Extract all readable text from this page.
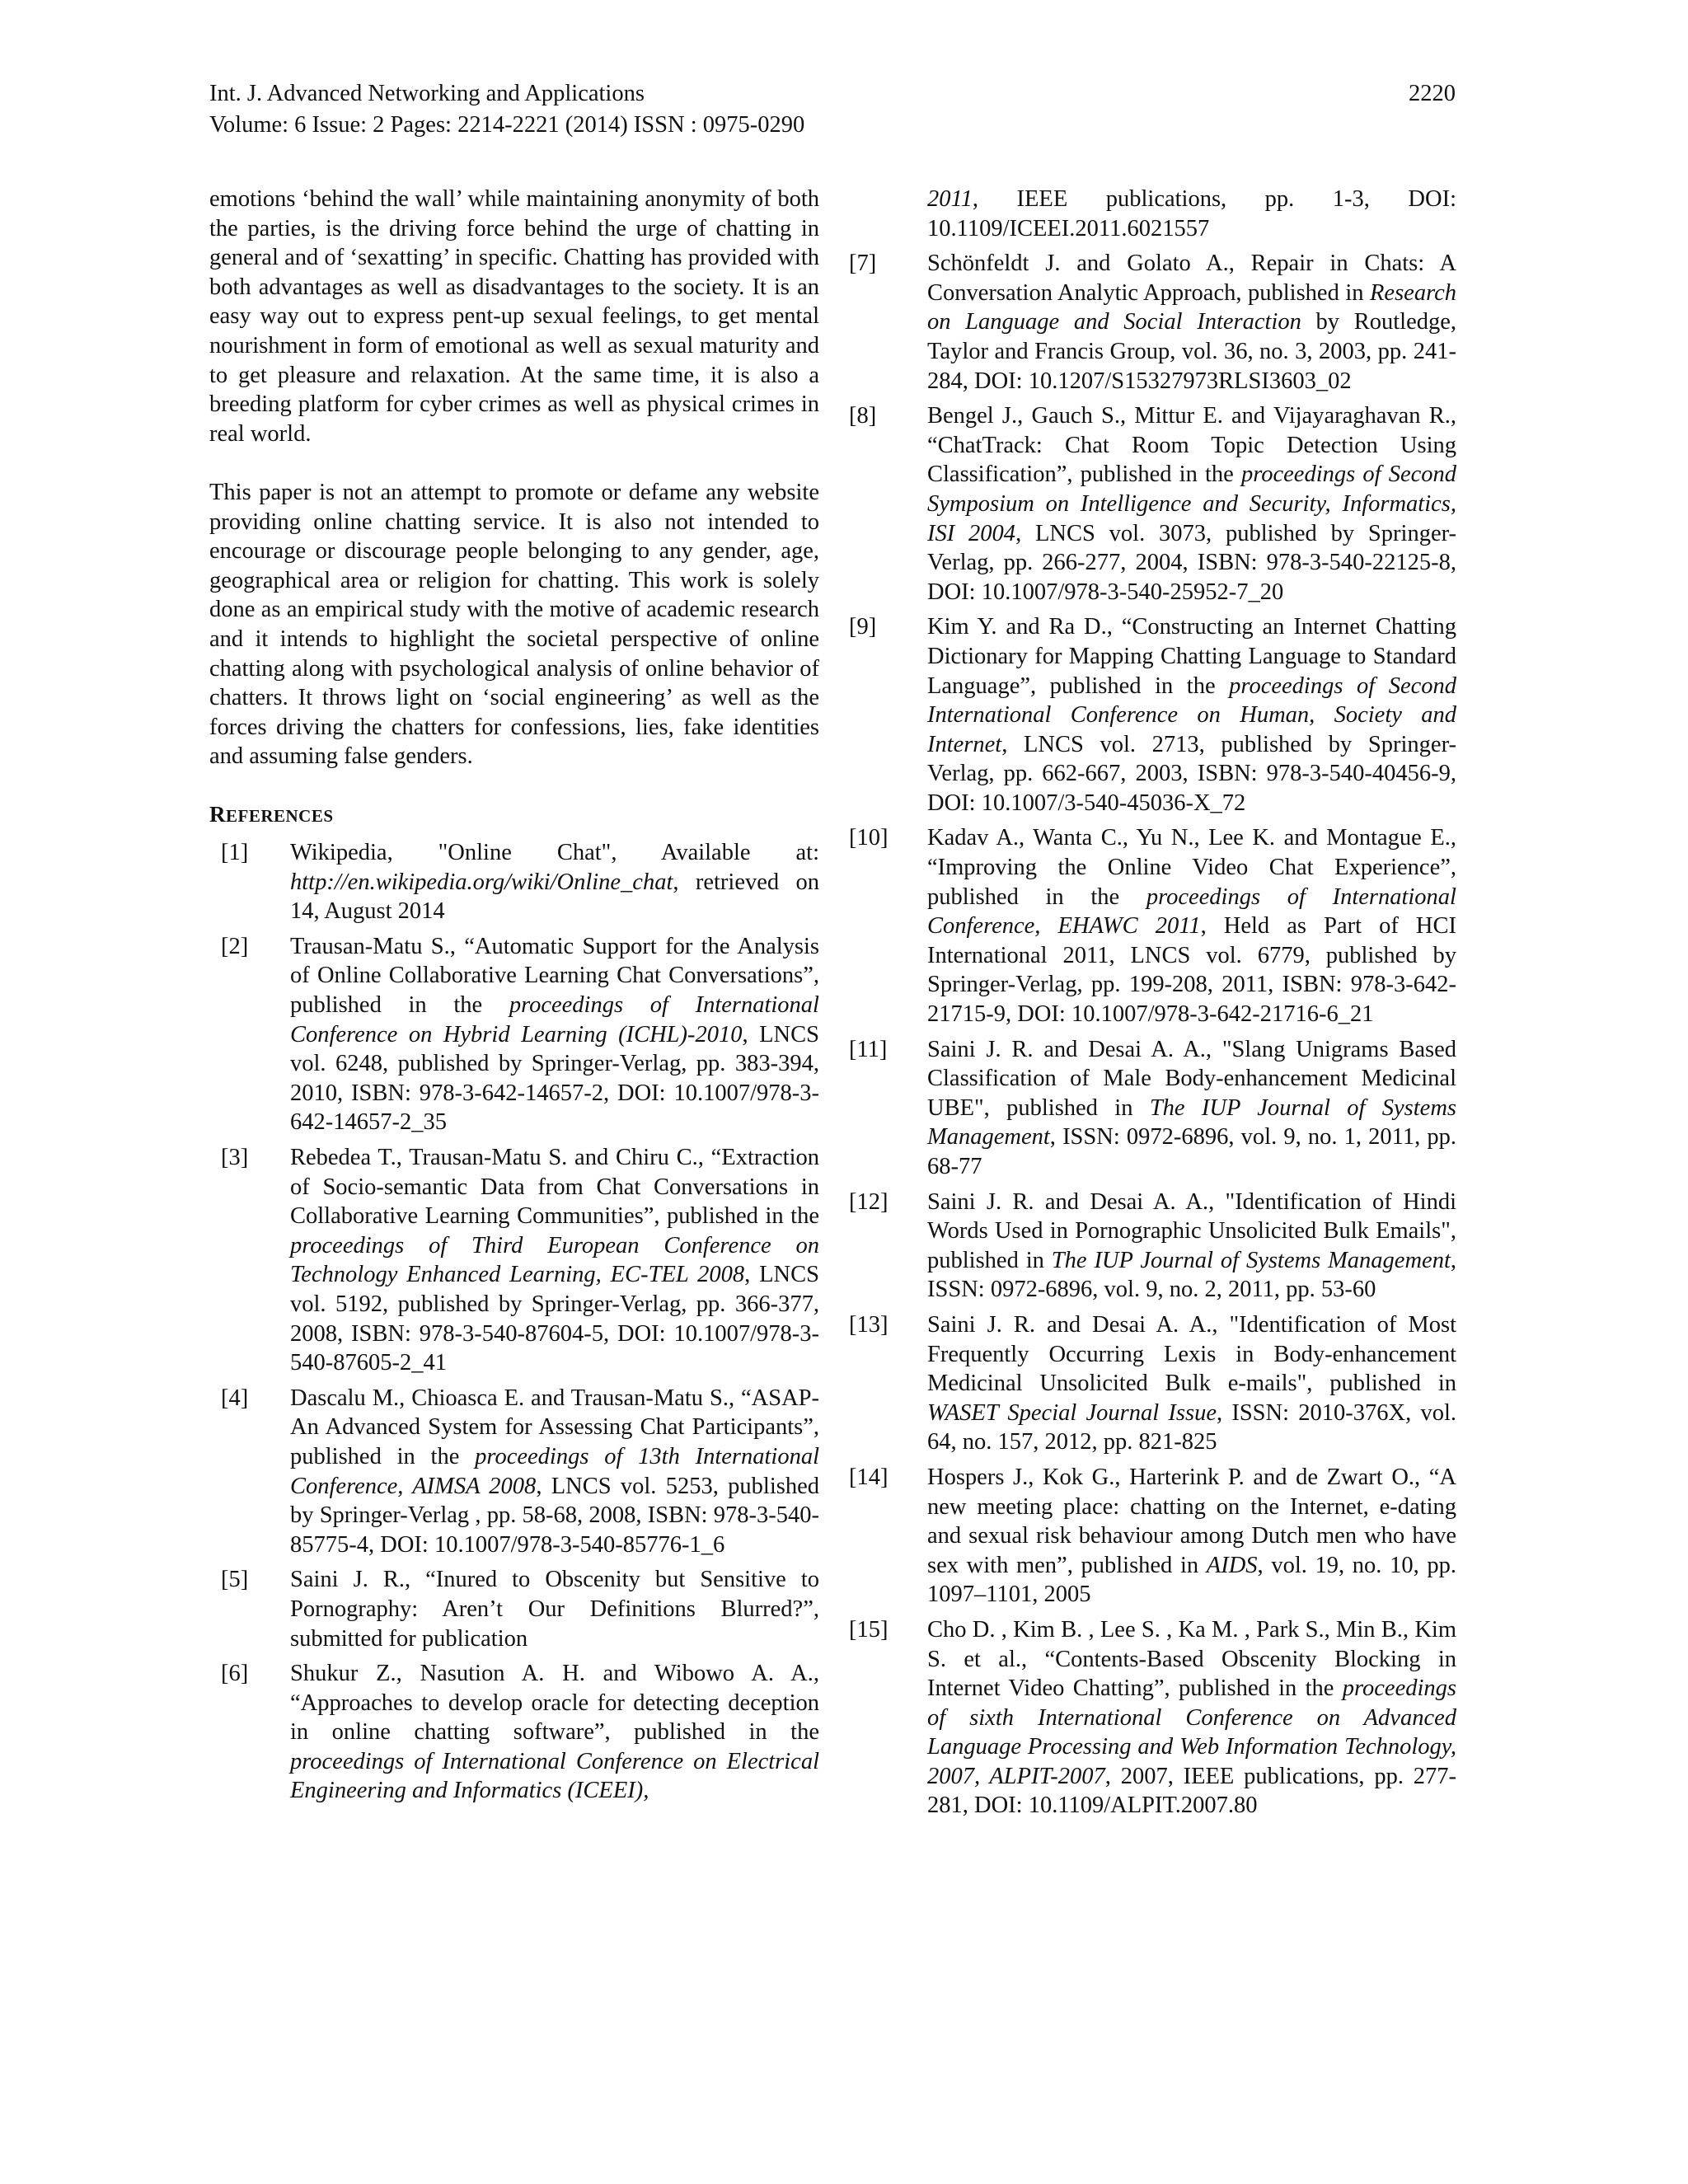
Int. J. Advanced Networking and Applications	2220
Volume: 6 Issue: 2 Pages: 2214-2221 (2014) ISSN : 0975-0290

emotions ‘behind the wall’ while maintaining anonymity of both the parties, is the driving force behind the urge of chatting in general and of ‘sexatting’ in specific. Chatting has provided with both advantages as well as disadvantages to the society. It is an easy way out to express pent-up sexual feelings, to get mental nourishment in form of emotional as well as sexual maturity and to get pleasure and relaxation. At the same time, it is also a breeding platform for cyber crimes as well as physical crimes in real world.

This paper is not an attempt to promote or defame any website providing online chatting service. It is also not intended to encourage or discourage people belonging to any gender, age, geographical area or religion for chatting. This work is solely done as an empirical study with the motive of academic research and it intends to highlight the societal perspective of online chatting along with psychological analysis of online behavior of chatters. It throws light on ‘social engineering’ as well as the forces driving the chatters for confessions, lies, fake identities and assuming false genders.

REFERENCES
[1] Wikipedia, "Online Chat", Available at: http://en.wikipedia.org/wiki/Online_chat, retrieved on 14, August 2014
[2] Trausan-Matu S., “Automatic Support for the Analysis of Online Collaborative Learning Chat Conversations”, published in the proceedings of International Conference on Hybrid Learning (ICHL)-2010, LNCS vol. 6248, published by Springer-Verlag, pp. 383-394, 2010, ISBN: 978-3-642-14657-2, DOI: 10.1007/978-3-642-14657-2_35
[3] Rebedea T., Trausan-Matu S. and Chiru C., “Extraction of Socio-semantic Data from Chat Conversations in Collaborative Learning Communities”, published in the proceedings of Third European Conference on Technology Enhanced Learning, EC-TEL 2008, LNCS vol. 5192, published by Springer-Verlag, pp. 366-377, 2008, ISBN: 978-3-540-87604-5, DOI: 10.1007/978-3-540-87605-2_41
[4] Dascalu M., Chioasca E. and Trausan-Matu S., “ASAP-An Advanced System for Assessing Chat Participants”, published in the proceedings of 13th International Conference, AIMSA 2008, LNCS vol. 5253, published by Springer-Verlag , pp. 58-68, 2008, ISBN: 978-3-540-85775-4, DOI: 10.1007/978-3-540-85776-1_6
[5] Saini J. R., “Inured to Obscenity but Sensitive to Pornography: Aren’t Our Definitions Blurred?”, submitted for publication
[6] Shukur Z., Nasution A. H. and Wibowo A. A., “Approaches to develop oracle for detecting deception in online chatting software”, published in the proceedings of International Conference on Electrical Engineering and Informatics (ICEEI),
2011, IEEE publications, pp. 1-3, DOI: 10.1109/ICEEI.2011.6021557
[7] Schönfeldt J. and Golato A., Repair in Chats: A Conversation Analytic Approach, published in Research on Language and Social Interaction by Routledge, Taylor and Francis Group, vol. 36, no. 3, 2003, pp. 241-284, DOI: 10.1207/S15327973RLSI3603_02
[8] Bengel J., Gauch S., Mittur E. and Vijayaraghavan R., “ChatTrack: Chat Room Topic Detection Using Classification”, published in the proceedings of Second Symposium on Intelligence and Security, Informatics, ISI 2004, LNCS vol. 3073, published by Springer-Verlag, pp. 266-277, 2004, ISBN: 978-3-540-22125-8, DOI: 10.1007/978-3-540-25952-7_20
[9] Kim Y. and Ra D., “Constructing an Internet Chatting Dictionary for Mapping Chatting Language to Standard Language”, published in the proceedings of Second International Conference on Human, Society and Internet, LNCS vol. 2713, published by Springer-Verlag, pp. 662-667, 2003, ISBN: 978-3-540-40456-9, DOI: 10.1007/3-540-45036-X_72
[10] Kadav A., Wanta C., Yu N., Lee K. and Montague E., “Improving the Online Video Chat Experience”, published in the proceedings of International Conference, EHAWC 2011, Held as Part of HCI International 2011, LNCS vol. 6779, published by Springer-Verlag, pp. 199-208, 2011, ISBN: 978-3-642-21715-9, DOI: 10.1007/978-3-642-21716-6_21
[11] Saini J. R. and Desai A. A., "Slang Unigrams Based Classification of Male Body-enhancement Medicinal UBE", published in The IUP Journal of Systems Management, ISSN: 0972-6896, vol. 9, no. 1, 2011, pp. 68-77
[12] Saini J. R. and Desai A. A., "Identification of Hindi Words Used in Pornographic Unsolicited Bulk Emails", published in The IUP Journal of Systems Management, ISSN: 0972-6896, vol. 9, no. 2, 2011, pp. 53-60
[13] Saini J. R. and Desai A. A., "Identification of Most Frequently Occurring Lexis in Body-enhancement Medicinal Unsolicited Bulk e-mails", published in WASET Special Journal Issue, ISSN: 2010-376X, vol. 64, no. 157, 2012, pp. 821-825
[14] Hospers J., Kok G., Harterink P. and de Zwart O., “A new meeting place: chatting on the Internet, e-dating and sexual risk behaviour among Dutch men who have sex with men”, published in AIDS, vol. 19, no. 10, pp. 1097–1101, 2005
[15] Cho D. , Kim B. , Lee S. , Ka M. , Park S., Min B., Kim S. et al., “Contents-Based Obscenity Blocking in Internet Video Chatting”, published in the proceedings of sixth International Conference on Advanced Language Processing and Web Information Technology, 2007, ALPIT-2007, 2007, IEEE publications, pp. 277-281, DOI: 10.1109/ALPIT.2007.80
